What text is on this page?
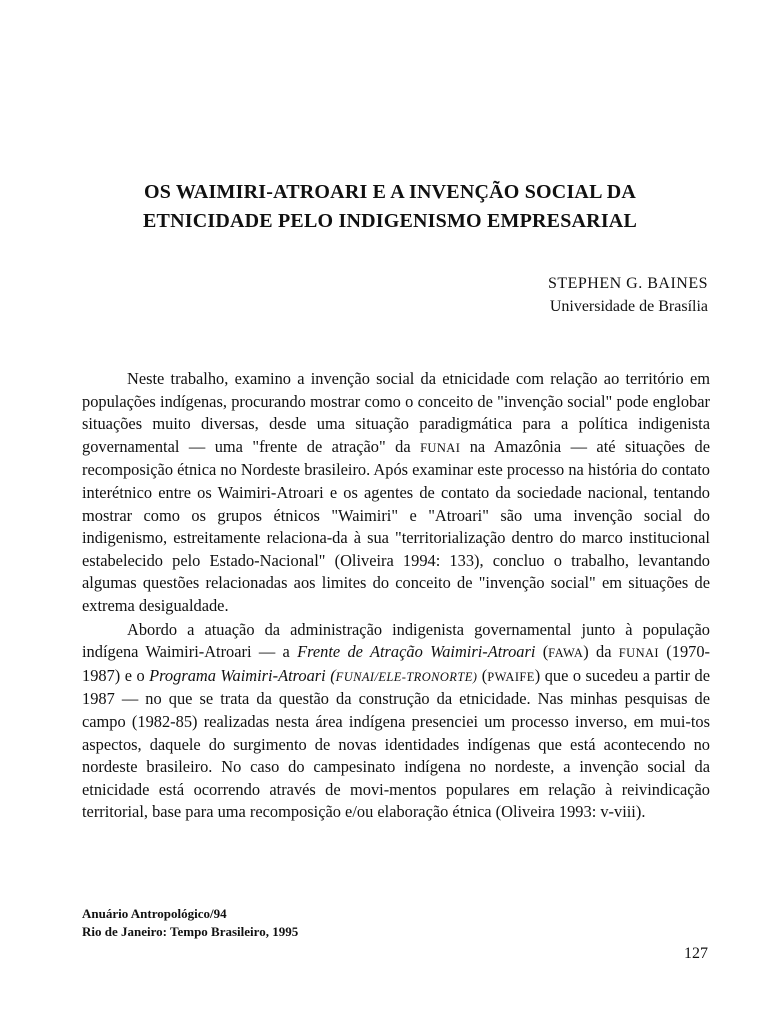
OS WAIMIRI-ATROARI E A INVENÇÃO SOCIAL DA
ETNICIDADE PELO INDIGENISMO EMPRESARIAL
STEPHEN G. BAINES
Universidade de Brasília

Neste trabalho, examino a invenção social da etnicidade com relação ao território em populações indígenas, procurando mostrar como o conceito de "invenção social" pode englobar situações muito diversas, desde uma situação paradigmática para a política indigenista governamental — uma "frente de atração" da FUNAI na Amazônia — até situações de recomposição étnica no Nordeste brasileiro. Após examinar este processo na história do contato interétnico entre os Waimiri-Atroari e os agentes de contato da sociedade nacional, tentando mostrar como os grupos étnicos "Waimiri" e "Atroari" são uma invenção social do indigenismo, estreitamente relaciona-da à sua "territorialização dentro do marco institucional estabelecido pelo Estado-Nacional" (Oliveira 1994: 133), concluo o trabalho, levantando algumas questões relacionadas aos limites do conceito de "invenção social" em situações de extrema desigualdade.

Abordo a atuação da administração indigenista governamental junto à população indígena Waimiri-Atroari — a Frente de Atração Waimiri-Atroari (FAWA) da FUNAI (1970-1987) e o Programa Waimiri-Atroari (FUNAI/ELE-TRONORTE) (PWAIFE) que o sucedeu a partir de 1987 — no que se trata da questão da construção da etnicidade. Nas minhas pesquisas de campo (1982-85) realizadas nesta área indígena presenciei um processo inverso, em mui-tos aspectos, daquele do surgimento de novas identidades indígenas que está acontecendo no nordeste brasileiro. No caso do campesinato indígena no nordeste, a invenção social da etnicidade está ocorrendo através de movi-mentos populares em relação à reivindicação territorial, base para uma recomposição e/ou elaboração étnica (Oliveira 1993: v-viii).

Anuário Antropológico/94
Rio de Janeiro: Tempo Brasileiro, 1995
127
